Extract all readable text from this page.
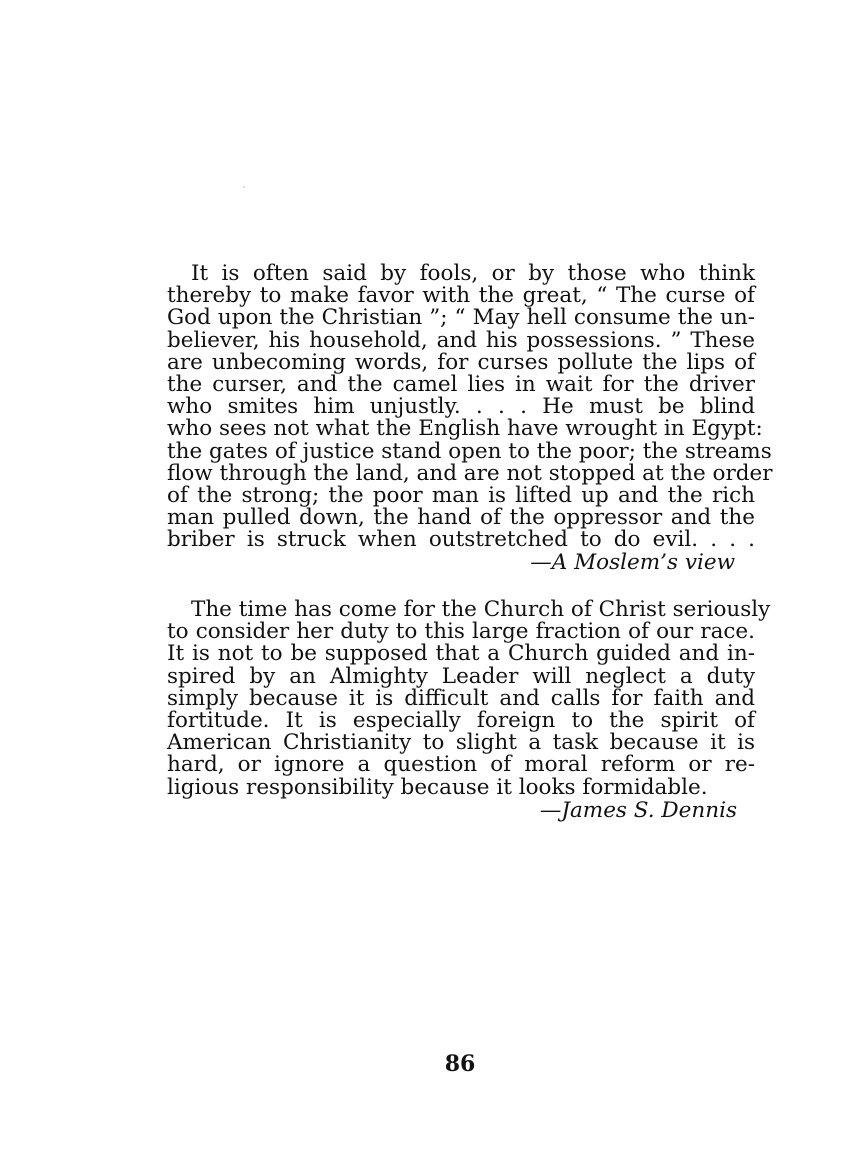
It is often said by fools, or by those who think
thereby to make favor with the great, “ The curse of
God upon the Christian ”; “ May hell consume the un-
believer, his household, and his possessions. ” These
are unbecoming words, for curses pollute the lips of
the curser, and the camel lies in wait for the driver
who smites him unjustly. . . . He must be blind
who sees not what the English have wrought in Egypt:
the gates of justice stand open to the poor; the streams
flow through the land, and are not stopped at the order
of the strong; the poor man is lifted up and the rich
man pulled down, the hand of the oppressor and the
briber is struck when outstretched to do evil. . . .
—A Moslem’s view
The time has come for the Church of Christ seriously
to consider her duty to this large fraction of our race.
It is not to be supposed that a Church guided and in-
spired by an Almighty Leader will neglect a duty
simply because it is difficult and calls for faith and
fortitude. It is especially foreign to the spirit of
American Christianity to slight a task because it is
hard, or ignore a question of moral reform or re-
ligious responsibility because it looks formidable.
—James S. Dennis
86
